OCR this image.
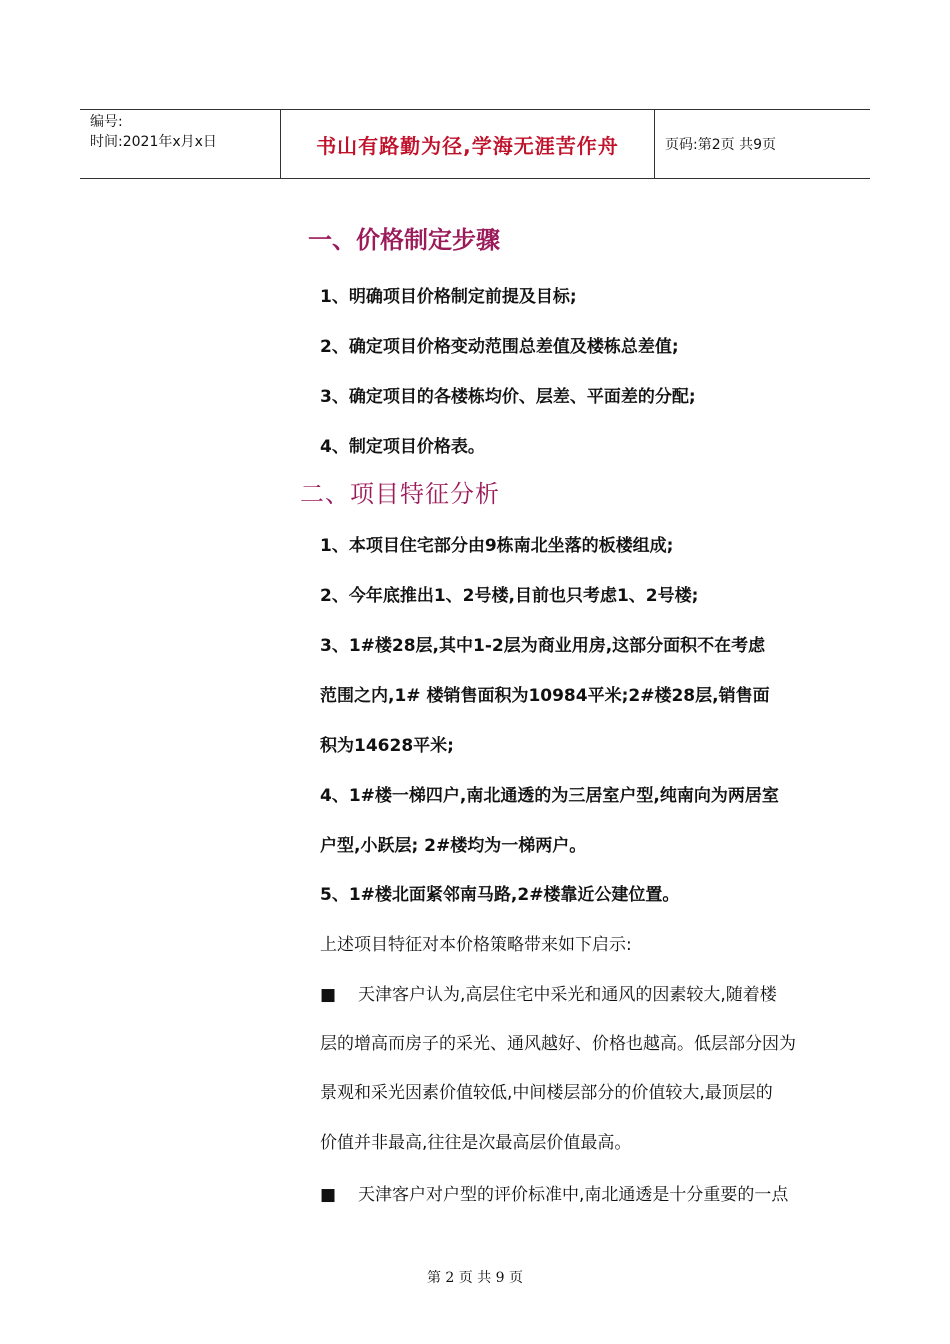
编号:
时间:2021年x月x日	书山有路勤为径,学海无涯苦作舟	页码:第2页 共9页
一、价格制定步骤
1、明确项目价格制定前提及目标;
2、确定项目价格变动范围总差值及楼栋总差值;
3、确定项目的各楼栋均价、层差、平面差的分配;
4、制定项目价格表。
二、项目特征分析
1、本项目住宅部分由9栋南北坐落的板楼组成;
2、今年底推出1、2号楼,目前也只考虑1、2号楼;
3、1#楼28层,其中1-2层为商业用房,这部分面积不在考虑
范围之内,1# 楼销售面积为10984平米;2#楼28层,销售面
积为14628平米;
4、1#楼一梯四户,南北通透的为三居室户型,纯南向为两居室
户型,小跃层; 2#楼均为一梯两户。
5、1#楼北面紧邻南马路,2#楼靠近公建位置。
上述项目特征对本价格策略带来如下启示:
■ 天津客户认为,高层住宅中采光和通风的因素较大,随着楼
层的增高而房子的采光、通风越好、价格也越高。低层部分因为
景观和采光因素价值较低,中间楼层部分的价值较大,最顶层的
价值并非最高,往往是次最高层价值最高。
■ 天津客户对户型的评价标准中,南北通透是十分重要的一点
第 2 页 共 9 页
